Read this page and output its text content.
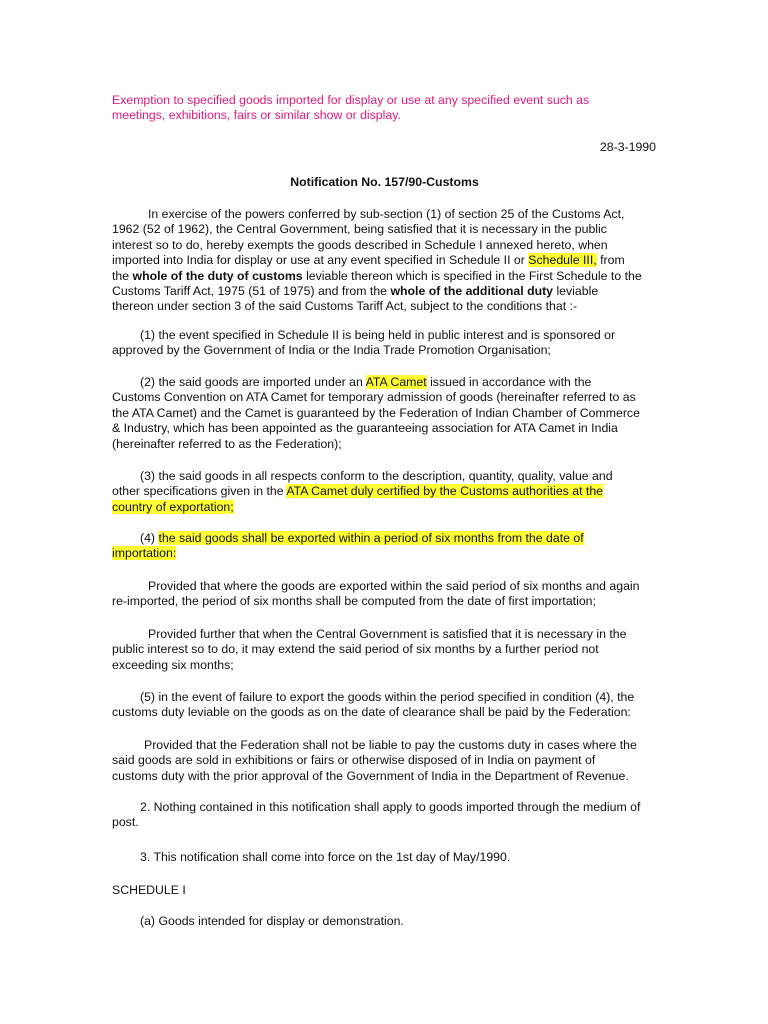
Exemption to specified goods imported for display or use at any specified event such as
meetings, exhibitions, fairs or similar show or display.

28-3-1990

Notification No. 157/90-Customs

In exercise of the powers conferred by sub-section (1) of section 25 of the Customs Act,
1962 (52 of 1962), the Central Government, being satisfied that it is necessary in the public
interest so to do, hereby exempts the goods described in Schedule I annexed hereto, when
imported into India for display or use at any event specified in Schedule II or Schedule III, from
the whole of the duty of customs leviable thereon which is specified in the First Schedule to the
Customs Tariff Act, 1975 (51 of 1975) and from the whole of the additional duty leviable
thereon under section 3 of the said Customs Tariff Act, subject to the conditions that :-

(1) the event specified in Schedule II is being held in public interest and is sponsored or
approved by the Government of India or the India Trade Promotion Organisation;

(2) the said goods are imported under an ATA Camet issued in accordance with the
Customs Convention on ATA Camet for temporary admission of goods (hereinafter referred to as
the ATA Camet) and the Camet is guaranteed by the Federation of Indian Chamber of Commerce
& Industry, which has been appointed as the guaranteeing association for ATA Camet in India
(hereinafter referred to as the Federation);

(3) the said goods in all respects conform to the description, quantity, quality, value and
other specifications given in the ATA Camet duly certified by the Customs authorities at the
country of exportation;

(4) the said goods shall be exported within a period of six months from the date of
importation:

Provided that where the goods are exported within the said period of six months and again
re-imported, the period of six months shall be computed from the date of first importation;

Provided further that when the Central Government is satisfied that it is necessary in the
public interest so to do, it may extend the said period of six months by a further period not
exceeding six months;

(5) in the event of failure to export the goods within the period specified in condition (4), the
customs duty leviable on the goods as on the date of clearance shall be paid by the Federation:

Provided that the Federation shall not be liable to pay the customs duty in cases where the
said goods are sold in exhibitions or fairs or otherwise disposed of in India on payment of
customs duty with the prior approval of the Government of India in the Department of Revenue.

2. Nothing contained in this notification shall apply to goods imported through the medium of
post.

3. This notification shall come into force on the 1st day of May/1990.

SCHEDULE I

(a) Goods intended for display or demonstration.
